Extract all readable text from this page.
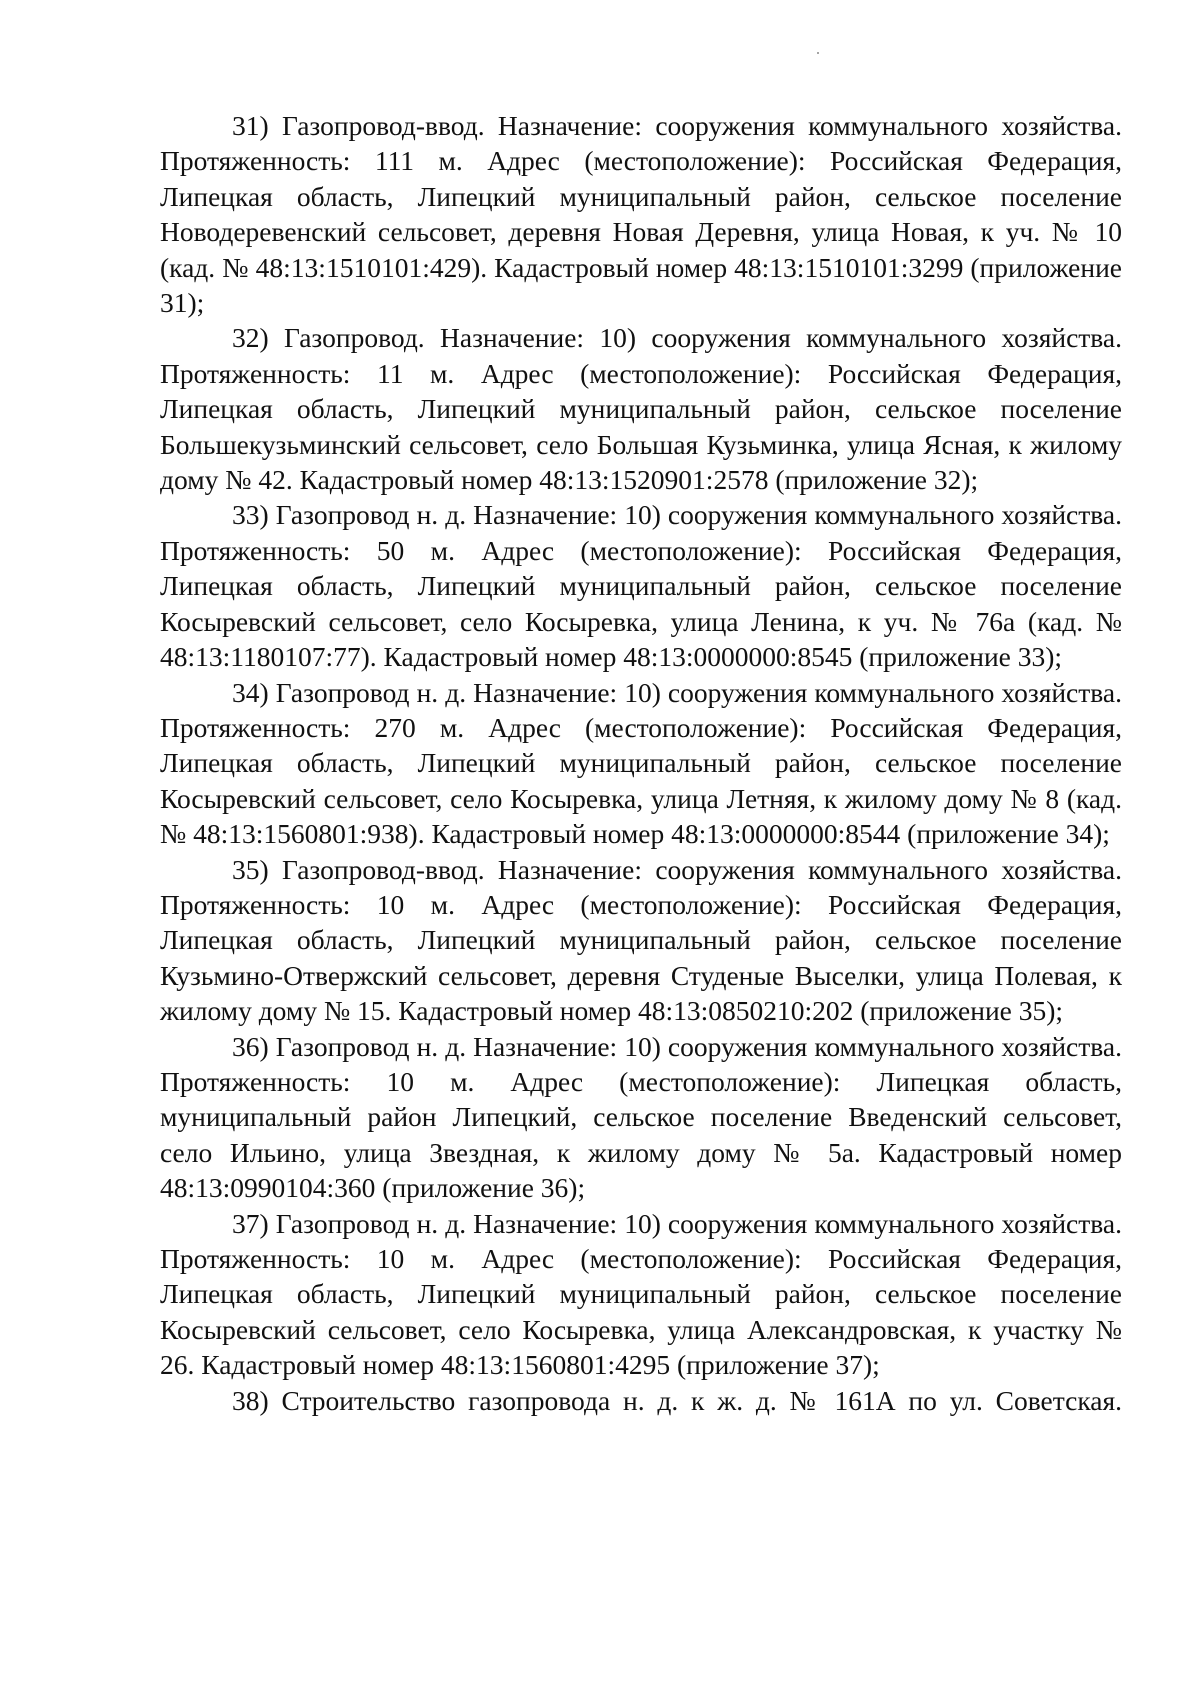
31) Газопровод-ввод. Назначение: сооружения коммунального хозяйства. Протяженность: 111 м. Адрес (местоположение): Российская Федерация, Липецкая область, Липецкий муниципальный район, сельское поселение Новодеревенский сельсовет, деревня Новая Деревня, улица Новая, к уч. № 10 (кад. № 48:13:1510101:429). Кадастровый номер 48:13:1510101:3299 (приложение 31);

32) Газопровод. Назначение: 10) сооружения коммунального хозяйства. Протяженность: 11 м. Адрес (местоположение): Российская Федерация, Липецкая область, Липецкий муниципальный район, сельское поселение Большекузьминский сельсовет, село Большая Кузьминка, улица Ясная, к жилому дому № 42. Кадастровый номер 48:13:1520901:2578 (приложение 32);

33) Газопровод н. д. Назначение: 10) сооружения коммунального хозяйства. Протяженность: 50 м. Адрес (местоположение): Российская Федерация, Липецкая область, Липецкий муниципальный район, сельское поселение Косыревский сельсовет, село Косыревка, улица Ленина, к уч. № 76а (кад. № 48:13:1180107:77). Кадастровый номер 48:13:0000000:8545 (приложение 33);

34) Газопровод н. д. Назначение: 10) сооружения коммунального хозяйства. Протяженность: 270 м. Адрес (местоположение): Российская Федерация, Липецкая область, Липецкий муниципальный район, сельское поселение Косыревский сельсовет, село Косыревка, улица Летняя, к жилому дому № 8 (кад. № 48:13:1560801:938). Кадастровый номер 48:13:0000000:8544 (приложение 34);

35) Газопровод-ввод. Назначение: сооружения коммунального хозяйства. Протяженность: 10 м. Адрес (местоположение): Российская Федерация, Липецкая область, Липецкий муниципальный район, сельское поселение Кузьмино-Отвержский сельсовет, деревня Студеные Выселки, улица Полевая, к жилому дому № 15. Кадастровый номер 48:13:0850210:202 (приложение 35);

36) Газопровод н. д. Назначение: 10) сооружения коммунального хозяйства. Протяженность: 10 м. Адрес (местоположение): Липецкая область, муниципальный район Липецкий, сельское поселение Введенский сельсовет, село Ильино, улица Звездная, к жилому дому № 5а. Кадастровый номер 48:13:0990104:360 (приложение 36);

37) Газопровод н. д. Назначение: 10) сооружения коммунального хозяйства. Протяженность: 10 м. Адрес (местоположение): Российская Федерация, Липецкая область, Липецкий муниципальный район, сельское поселение Косыревский сельсовет, село Косыревка, улица Александровская, к участку № 26. Кадастровый номер 48:13:1560801:4295 (приложение 37);

38) Строительство газопровода н. д. к ж. д. № 161А по ул. Советская.
